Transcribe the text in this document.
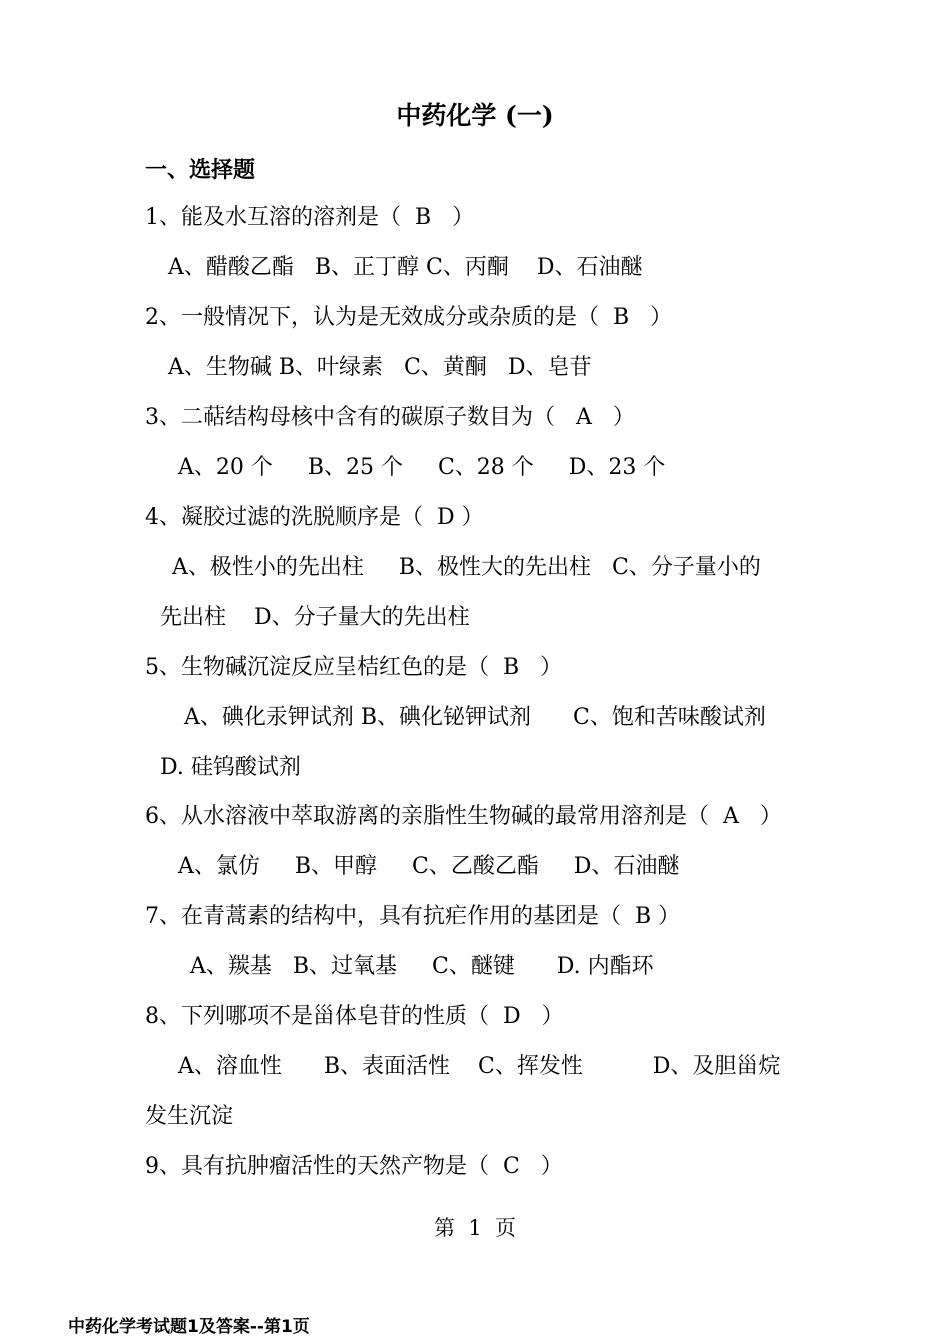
中药化学 (一)
一、选择题
1、能及水互溶的溶剂是（  B   ）
A、醋酸乙酯   B、正丁醇 C、丙酮    D、石油醚
2、一般情况下，认为是无效成分或杂质的是（  B   ）
A、生物碱 B、叶绿素   C、黄酮   D、皂苷
3、二萜结构母核中含有的碳原子数目为（   A   ）
A、20 个     B、25 个     C、28 个     D、23 个
4、凝胶过滤的洗脱顺序是（  D ）
A、极性小的先出柱     B、极性大的先出柱   C、分子量小的
先出柱    D、分子量大的先出柱
5、生物碱沉淀反应呈桔红色的是（  B   ）
A、碘化汞钾试剂 B、碘化铋钾试剂      C、饱和苦味酸试剂
D. 硅钨酸试剂
6、从水溶液中萃取游离的亲脂性生物碱的最常用溶剂是（  A   ）
A、氯仿     B、甲醇     C、乙酸乙酯     D、石油醚
7、在青蒿素的结构中，具有抗疟作用的基团是（  B ）
A、羰基   B、过氧基     C、醚键      D. 内酯环
8、下列哪项不是甾体皂苷的性质（  D   ）
A、溶血性      B、表面活性    C、挥发性          D、及胆甾烷
发生沉淀
9、具有抗肿瘤活性的天然产物是（  C   ）
第  1  页
中药化学考试题1及答案--第1页
